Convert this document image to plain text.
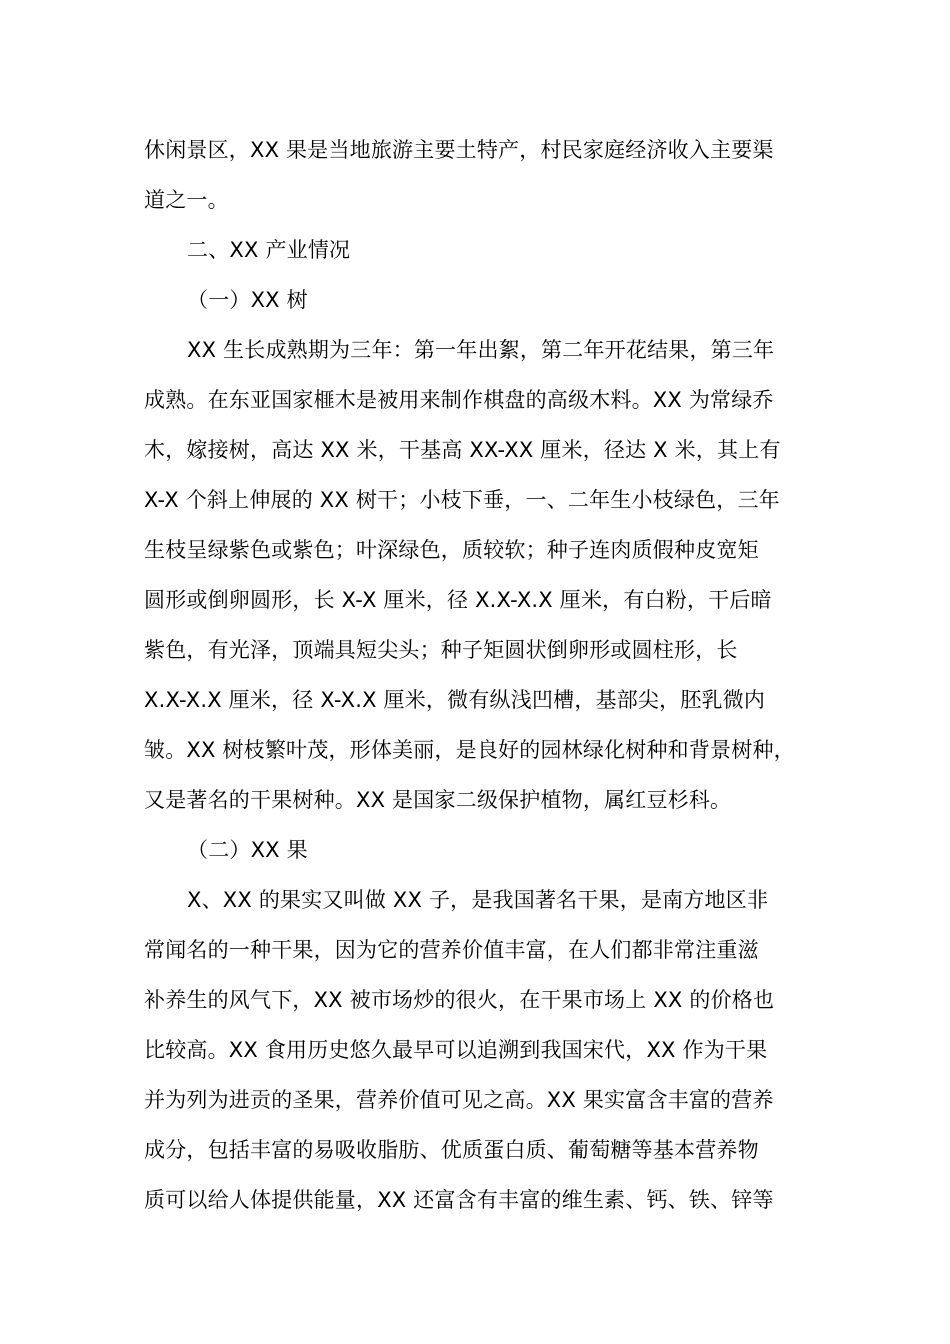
休闲景区，XX 果是当地旅游主要土特产，村民家庭经济收入主要渠
道之一。
二、XX 产业情况
（一）XX 树
XX 生长成熟期为三年：第一年出絮，第二年开花结果，第三年
成熟。在东亚国家榧木是被用来制作棋盘的高级木料。XX 为常绿乔
木，嫁接树，高达 XX 米，干基高 XX-XX 厘米，径达 X 米，其上有
X-X 个斜上伸展的 XX 树干；小枝下垂，一、二年生小枝绿色，三年
生枝呈绿紫色或紫色；叶深绿色，质较软；种子连肉质假种皮宽矩
圆形或倒卵圆形，长 X-X 厘米，径 X.X-X.X 厘米，有白粉，干后暗
紫色，有光泽，顶端具短尖头；种子矩圆状倒卵形或圆柱形，长
X.X-X.X 厘米，径 X-X.X 厘米，微有纵浅凹槽，基部尖，胚乳微内
皱。XX 树枝繁叶茂，形体美丽，是良好的园林绿化树种和背景树种，
又是著名的干果树种。XX 是国家二级保护植物，属红豆杉科。
（二）XX 果
X、XX 的果实又叫做 XX 子，是我国著名干果，是南方地区非
常闻名的一种干果，因为它的营养价值丰富，在人们都非常注重滋
补养生的风气下，XX 被市场炒的很火，在干果市场上 XX 的价格也
比较高。XX 食用历史悠久最早可以追溯到我国宋代，XX 作为干果
并为列为进贡的圣果，营养价值可见之高。XX 果实富含丰富的营养
成分，包括丰富的易吸收脂肪、优质蛋白质、葡萄糖等基本营养物
质可以给人体提供能量，XX 还富含有丰富的维生素、钙、铁、锌等
